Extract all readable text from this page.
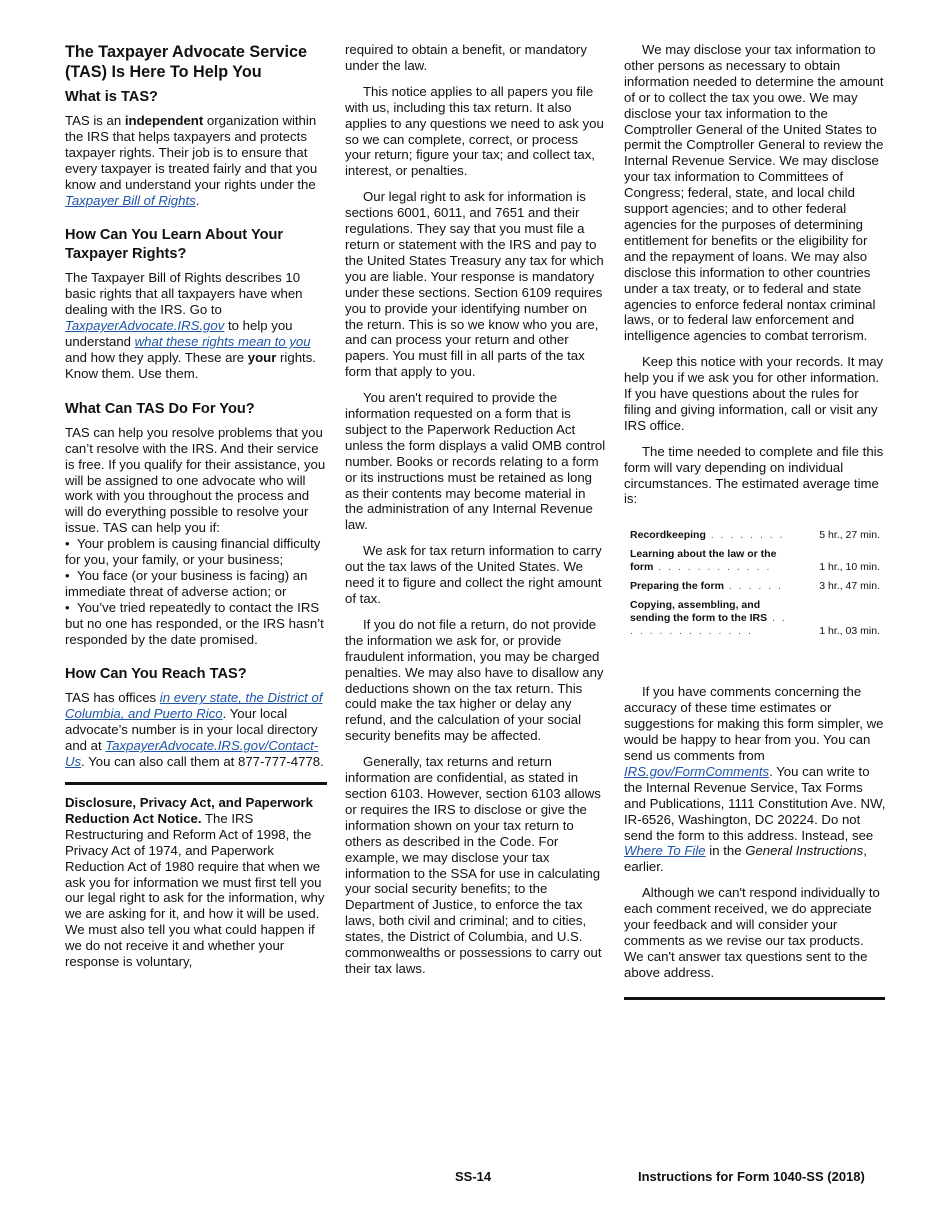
The Taxpayer Advocate Service (TAS) Is Here To Help You
What is TAS?

TAS is an independent organization within the IRS that helps taxpayers and protects taxpayer rights. Their job is to ensure that every taxpayer is treated fairly and that you know and understand your rights under the Taxpayer Bill of Rights.

How Can You Learn About Your Taxpayer Rights?

The Taxpayer Bill of Rights describes 10 basic rights that all taxpayers have when dealing with the IRS. Go to TaxpayerAdvocate.IRS.gov to help you understand what these rights mean to you and how they apply. These are your rights. Know them. Use them.

What Can TAS Do For You?

TAS can help you resolve problems that you can’t resolve with the IRS. And their service is free. If you qualify for their assistance, you will be assigned to one advocate who will work with you throughout the process and will do everything possible to resolve your issue. TAS can help you if:

• Your problem is causing financial difficulty for you, your family, or your business;

• You face (or your business is facing) an immediate threat of adverse action; or

• You’ve tried repeatedly to contact the IRS but no one has responded, or the IRS hasn’t responded by the date promised.

How Can You Reach TAS?

TAS has offices in every state, the District of Columbia, and Puerto Rico. Your local advocate’s number is in your local directory and at TaxpayerAdvocate.IRS.gov/Contact-Us. You can also call them at 877-777-4778.

Disclosure, Privacy Act, and Paperwork Reduction Act Notice. The IRS Restructuring and Reform Act of 1998, the Privacy Act of 1974, and Paperwork Reduction Act of 1980 require that when we ask you for information we must first tell you our legal right to ask for the information, why we are asking for it, and how it will be used. We must also tell you what could happen if we do not receive it and whether your response is voluntary,

required to obtain a benefit, or mandatory under the law.

This notice applies to all papers you file with us, including this tax return. It also applies to any questions we need to ask you so we can complete, correct, or process your return; figure your tax; and collect tax, interest, or penalties.

Our legal right to ask for information is sections 6001, 6011, and 7651 and their regulations. They say that you must file a return or statement with the IRS and pay to the United States Treasury any tax for which you are liable. Your response is mandatory under these sections. Section 6109 requires you to provide your identifying number on the return. This is so we know who you are, and can process your return and other papers. You must fill in all parts of the tax form that apply to you.

You aren't required to provide the information requested on a form that is subject to the Paperwork Reduction Act unless the form displays a valid OMB control number. Books or records relating to a form or its instructions must be retained as long as their contents may become material in the administration of any Internal Revenue law.

We ask for tax return information to carry out the tax laws of the United States. We need it to figure and collect the right amount of tax.

If you do not file a return, do not provide the information we ask for, or provide fraudulent information, you may be charged penalties. We may also have to disallow any deductions shown on the tax return. This could make the tax higher or delay any refund, and the calculation of your social security benefits may be affected.

Generally, tax returns and return information are confidential, as stated in section 6103. However, section 6103 allows or requires the IRS to disclose or give the information shown on your tax return to others as described in the Code. For example, we may disclose your tax information to the SSA for use in calculating your social security benefits; to the Department of Justice, to enforce the tax laws, both civil and criminal; and to cities, states, the District of Columbia, and U.S. commonwealths or possessions to carry out their tax laws.

We may disclose your tax information to other persons as necessary to obtain information needed to determine the amount of or to collect the tax you owe. We may disclose your tax information to the Comptroller General of the United States to permit the Comptroller General to review the Internal Revenue Service. We may disclose your tax information to Committees of Congress; federal, state, and local child support agencies; and to other federal agencies for the purposes of determining entitlement for benefits or the eligibility for and the repayment of loans. We may also disclose this information to other countries under a tax treaty, or to federal and state agencies to enforce federal nontax criminal laws, or to federal law enforcement and intelligence agencies to combat terrorism.

Keep this notice with your records. It may help you if we ask you for other information. If you have questions about the rules for filing and giving information, call or visit any IRS office.

The time needed to complete and file this form will vary depending on individual circumstances. The estimated average time is:

Recordkeeping . . . . . . . .	5 hr., 27 min.
Learning about the law or the form . . . . . . . . . . . .	1 hr., 10 min.
Preparing the form . . . . . .	3 hr., 47 min.
Copying, assembling, and sending the form to the IRS . . . . . . . . . . . . . . .	1 hr., 03 min.

If you have comments concerning the accuracy of these time estimates or suggestions for making this form simpler, we would be happy to hear from you. You can send us comments from IRS.gov/FormComments. You can write to the Internal Revenue Service, Tax Forms and Publications, 1111 Constitution Ave. NW, IR-6526, Washington, DC 20224. Do not send the form to this address. Instead, see Where To File in the General Instructions, earlier.

Although we can't respond individually to each comment received, we do appreciate your feedback and will consider your comments as we revise our tax products. We can't answer tax questions sent to the above address.

SS-14	Instructions for Form 1040-SS (2018)
